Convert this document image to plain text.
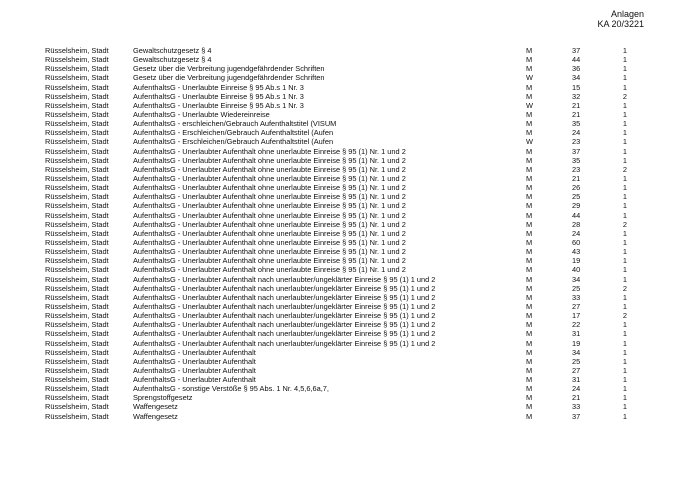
Anlagen
KA 20/3221
Rüsselsheim, Stadt	Gewaltschutzgesetz § 4	M	37	1
Rüsselsheim, Stadt	Gewaltschutzgesetz § 4	M	44	1
Rüsselsheim, Stadt	Gesetz über die Verbreitung jugendgefährdender Schriften	M	36	1
Rüsselsheim, Stadt	Gesetz über die Verbreitung jugendgefährdender Schriften	W	34	1
Rüsselsheim, Stadt	AufenthaltsG - Unerlaubte Einreise § 95 Ab.s 1 Nr. 3	M	15	1
Rüsselsheim, Stadt	AufenthaltsG - Unerlaubte Einreise § 95 Ab.s 1 Nr. 3	M	32	2
Rüsselsheim, Stadt	AufenthaltsG - Unerlaubte Einreise § 95 Ab.s 1 Nr. 3	W	21	1
Rüsselsheim, Stadt	AufenthaltsG - Unerlaubte Wiedereinreise	M	21	1
Rüsselsheim, Stadt	AufenthaltsG - erschleichen/Gebrauch Aufenthaltstitel (VISUM	M	35	1
Rüsselsheim, Stadt	AufenthaltsG - Erschleichen/Gebrauch Aufenthaltstitel (Aufen	M	24	1
Rüsselsheim, Stadt	AufenthaltsG - Erschleichen/Gebrauch Aufenthaltstitel (Aufen	W	23	1
Rüsselsheim, Stadt	AufenthaltsG - Unerlaubter Aufenthalt ohne unerlaubte Einreise § 95 (1) Nr. 1 und 2	M	37	1
Rüsselsheim, Stadt	AufenthaltsG - Unerlaubter Aufenthalt ohne unerlaubte Einreise § 95 (1) Nr. 1 und 2	M	35	1
Rüsselsheim, Stadt	AufenthaltsG - Unerlaubter Aufenthalt ohne unerlaubte Einreise § 95 (1) Nr. 1 und 2	M	23	2
Rüsselsheim, Stadt	AufenthaltsG - Unerlaubter Aufenthalt ohne unerlaubte Einreise § 95 (1) Nr. 1 und 2	M	21	1
Rüsselsheim, Stadt	AufenthaltsG - Unerlaubter Aufenthalt ohne unerlaubte Einreise § 95 (1) Nr. 1 und 2	M	26	1
Rüsselsheim, Stadt	AufenthaltsG - Unerlaubter Aufenthalt ohne unerlaubte Einreise § 95 (1) Nr. 1 und 2	M	25	1
Rüsselsheim, Stadt	AufenthaltsG - Unerlaubter Aufenthalt ohne unerlaubte Einreise § 95 (1) Nr. 1 und 2	M	29	1
Rüsselsheim, Stadt	AufenthaltsG - Unerlaubter Aufenthalt ohne unerlaubte Einreise § 95 (1) Nr. 1 und 2	M	44	1
Rüsselsheim, Stadt	AufenthaltsG - Unerlaubter Aufenthalt ohne unerlaubte Einreise § 95 (1) Nr. 1 und 2	M	28	2
Rüsselsheim, Stadt	AufenthaltsG - Unerlaubter Aufenthalt ohne unerlaubte Einreise § 95 (1) Nr. 1 und 2	M	24	1
Rüsselsheim, Stadt	AufenthaltsG - Unerlaubter Aufenthalt ohne unerlaubte Einreise § 95 (1) Nr. 1 und 2	M	60	1
Rüsselsheim, Stadt	AufenthaltsG - Unerlaubter Aufenthalt ohne unerlaubte Einreise § 95 (1) Nr. 1 und 2	M	43	1
Rüsselsheim, Stadt	AufenthaltsG - Unerlaubter Aufenthalt ohne unerlaubte Einreise § 95 (1) Nr. 1 und 2	M	19	1
Rüsselsheim, Stadt	AufenthaltsG - Unerlaubter Aufenthalt ohne unerlaubte Einreise § 95 (1) Nr. 1 und 2	M	40	1
Rüsselsheim, Stadt	AufenthaltsG - Unerlaubter Aufenthalt nach unerlaubter/ungeklärter Einreise § 95 (1) 1 und 2	M	34	1
Rüsselsheim, Stadt	AufenthaltsG - Unerlaubter Aufenthalt nach unerlaubter/ungeklärter Einreise § 95 (1) 1 und 2	M	25	2
Rüsselsheim, Stadt	AufenthaltsG - Unerlaubter Aufenthalt nach unerlaubter/ungeklärter Einreise § 95 (1) 1 und 2	M	33	1
Rüsselsheim, Stadt	AufenthaltsG - Unerlaubter Aufenthalt nach unerlaubter/ungeklärter Einreise § 95 (1) 1 und 2	M	27	1
Rüsselsheim, Stadt	AufenthaltsG - Unerlaubter Aufenthalt nach unerlaubter/ungeklärter Einreise § 95 (1) 1 und 2	M	17	2
Rüsselsheim, Stadt	AufenthaltsG - Unerlaubter Aufenthalt nach unerlaubter/ungeklärter Einreise § 95 (1) 1 und 2	M	22	1
Rüsselsheim, Stadt	AufenthaltsG - Unerlaubter Aufenthalt nach unerlaubter/ungeklärter Einreise § 95 (1) 1 und 2	M	31	1
Rüsselsheim, Stadt	AufenthaltsG - Unerlaubter Aufenthalt nach unerlaubter/ungeklärter Einreise § 95 (1) 1 und 2	M	19	1
Rüsselsheim, Stadt	AufenthaltsG - Unerlaubter Aufenthalt	M	34	1
Rüsselsheim, Stadt	AufenthaltsG - Unerlaubter Aufenthalt	M	25	1
Rüsselsheim, Stadt	AufenthaltsG - Unerlaubter Aufenthalt	M	27	1
Rüsselsheim, Stadt	AufenthaltsG - Unerlaubter Aufenthalt	M	31	1
Rüsselsheim, Stadt	AufenthaltsG - sonstige Verstöße § 95 Abs. 1 Nr. 4,5,6,6a,7,	M	24	1
Rüsselsheim, Stadt	Sprengstoffgesetz	M	21	1
Rüsselsheim, Stadt	Waffengesetz	M	33	1
Rüsselsheim, Stadt	Waffengesetz	M	37	1
